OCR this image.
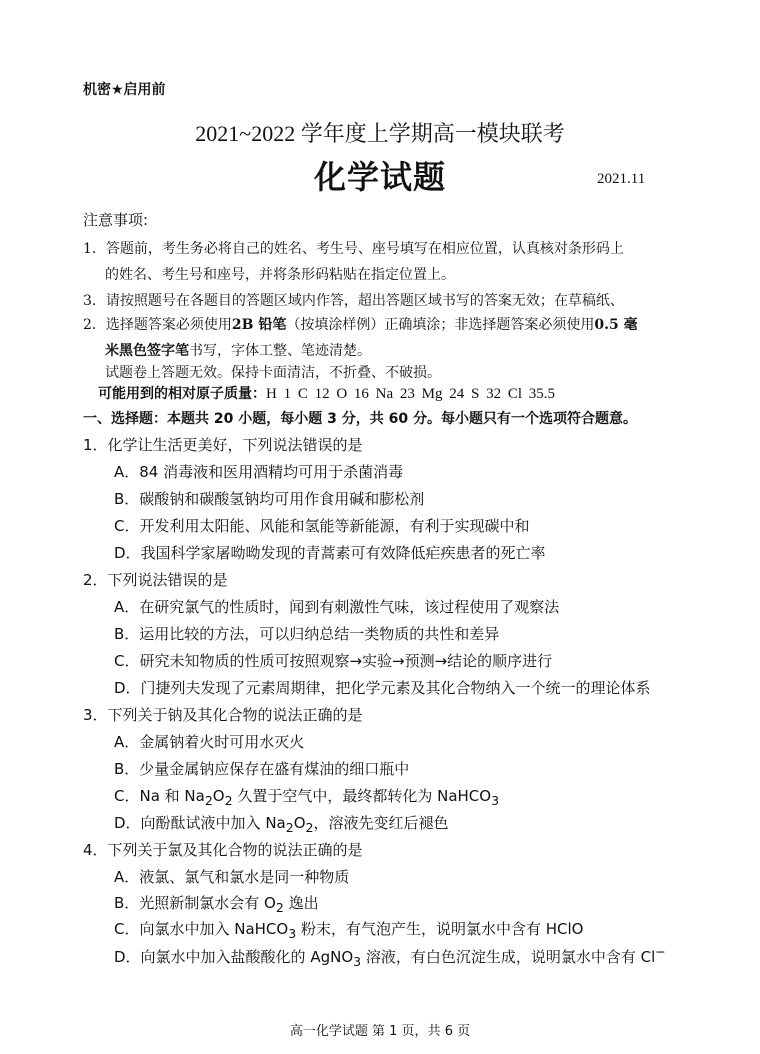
机密★启用前
2021~2022 学年度上学期高一模块联考
化学试题	2021.11
注意事项:
1．答题前，考生务必将自己的姓名、考生号、座号填写在相应位置，认真核对条形码上
的姓名、考生号和座号，并将条形码粘贴在指定位置上。
2．选择题答案必须使用2B 铅笔（按填涂样例）正确填涂；非选择题答案必须使用0.5 毫
米黑色签字笔书写，字体工整、笔迹清楚。
3．请按照题号在各题目的答题区域内作答，超出答题区域书写的答案无效；在草稿纸、
试题卷上答题无效。保持卡面清洁，不折叠、不破损。
可能用到的相对原子质量：H 1 C 12 O 16 Na 23 Mg 24 S 32 Cl 35.5
一、选择题：本题共 20 小题，每小题 3 分，共 60 分。每小题只有一个选项符合题意。
1．化学让生活更美好，下列说法错误的是
A．84 消毒液和医用酒精均可用于杀菌消毒
B．碳酸钠和碳酸氢钠均可用作食用碱和膨松剂
C．开发利用太阳能、风能和氢能等新能源，有利于实现碳中和
D．我国科学家屠呦呦发现的青蒿素可有效降低疟疾患者的死亡率
2．下列说法错误的是
A．在研究氯气的性质时，闻到有刺激性气味，该过程使用了观察法
B．运用比较的方法，可以归纳总结一类物质的共性和差异
C．研究未知物质的性质可按照观察→实验→预测→结论的顺序进行
D．门捷列夫发现了元素周期律，把化学元素及其化合物纳入一个统一的理论体系
3．下列关于钠及其化合物的说法正确的是
A．金属钠着火时可用水灭火
B．少量金属钠应保存在盛有煤油的细口瓶中
C．Na 和 $Na_2O_2$ 久置于空气中，最终都转化为 NaHCO$_3$
D．向酚酞试液中加入 $Na_2O_2$，溶液先变红后褪色
4．下列关于氯及其化合物的说法正确的是
A．液氯、氯气和氯水是同一种物质
B．光照新制氯水会有 $O_2$ 逸出
C．向氯水中加入 NaHCO$_3$ 粉末，有气泡产生，说明氯水中含有 HClO
D．向氯水中加入盐酸酸化的 AgNO$_3$ 溶液，有白色沉淀生成，说明氯水中含有 Cl−
高一化学试题 第 1 页，共 6 页
